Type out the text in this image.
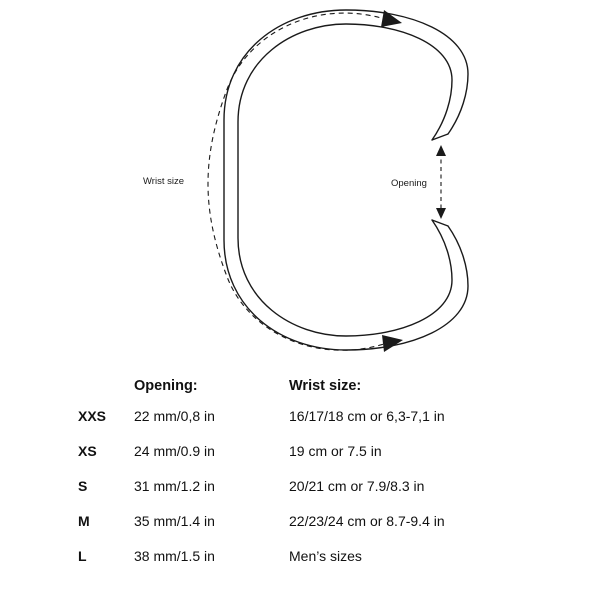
Wrist size	Opening
	Opening:	Wrist size:
XXS	22 mm/0,8 in	16/17/18 cm or 6,3-7,1 in
XS	24 mm/0.9 in	19 cm or 7.5 in
S	31 mm/1.2 in	20/21 cm or 7.9/8.3 in
M	35 mm/1.4 in	22/23/24 cm or 8.7-9.4 in
L	38 mm/1.5 in	Men’s sizes
